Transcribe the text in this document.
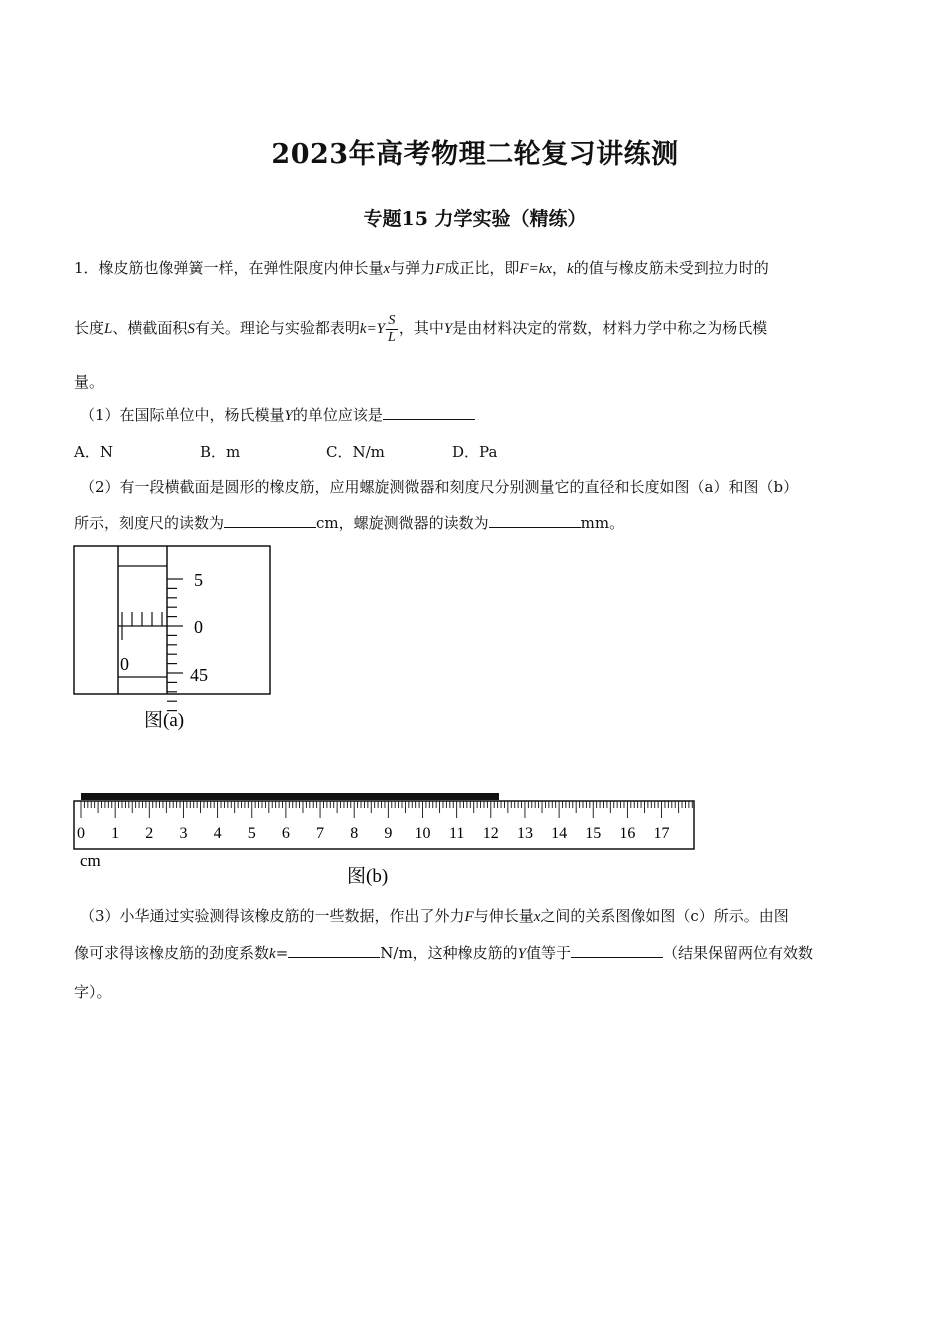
2023年高考物理二轮复习讲练测
专题15 力学实验（精练）
1．橡皮筋也像弹簧一样，在弹性限度内伸长量x与弹力F成正比，即F=kx，k的值与橡皮筋未受到拉力时的
长度L、横截面积S有关。理论与实验都表明$k=Y \frac{S}{L}$ ，其中Y是由材料决定的常数，材料力学中称之为杨氏模
量。
（1）在国际单位中，杨氏模量Y的单位应该是
A．N	B．m	C．N/m	D．Pa
（2）有一段横截面是圆形的橡皮筋，应用螺旋测微器和刻度尺分别测量它的直径和长度如图（a）和图（b）
所示，刻度尺的读数为	cm，螺旋测微器的读数为	mm。
0
5
0
45
图(a)
0 1 2 3 4 5 6 7 8 9 10 11 12 13 14 15 16 17
cm
图(b)
（3）小华通过实验测得该橡皮筋的一些数据，作出了外力F与伸长量x之间的关系图像如图（c）所示。由图
像可求得该橡皮筋的劲度系数k=	N/m，这种橡皮筋的Y值等于	（结果保留两位有效数
字）。
